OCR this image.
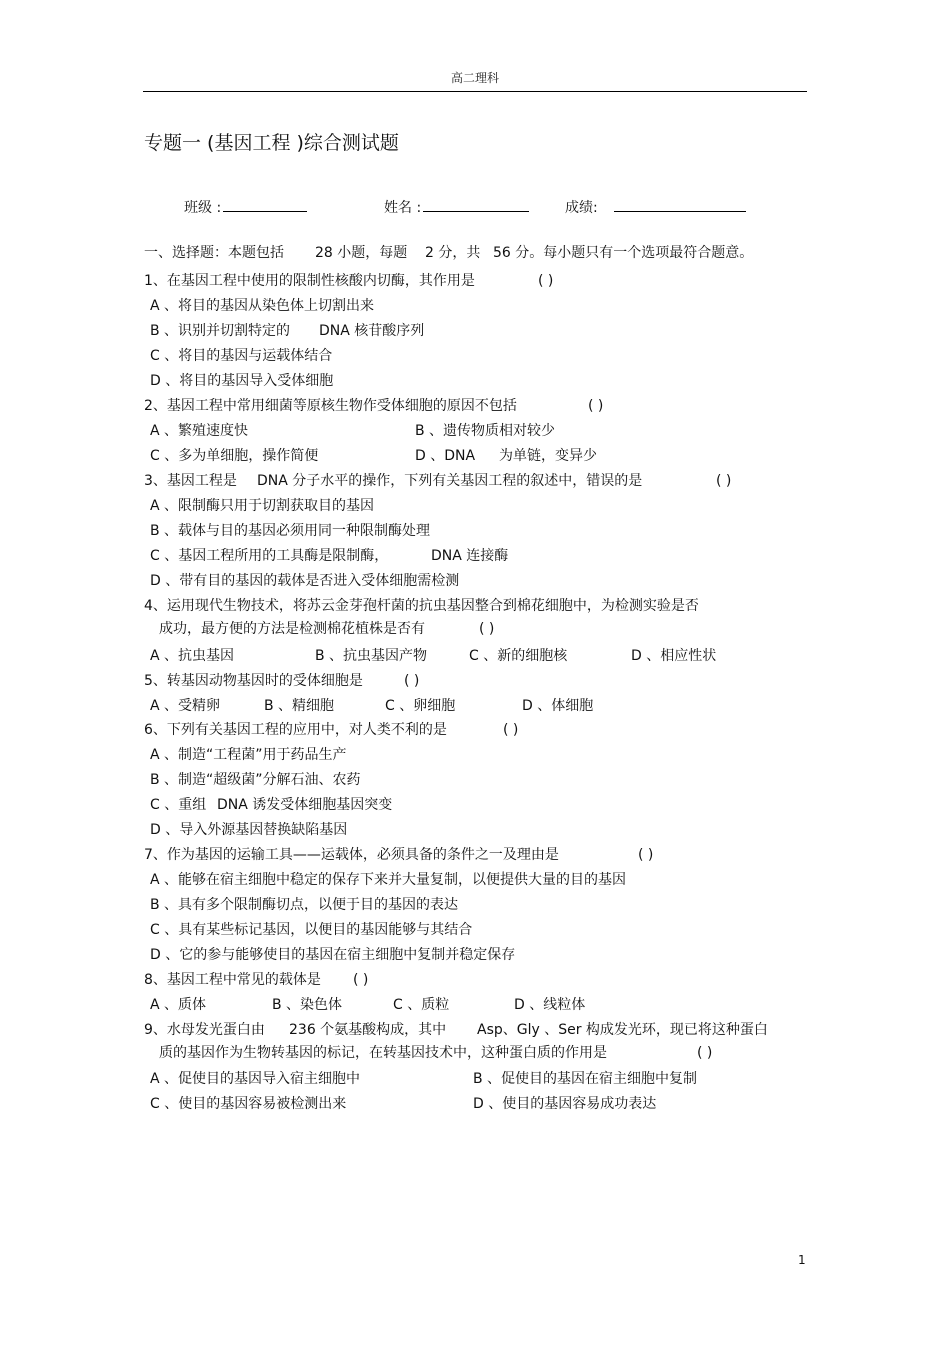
高二理科
专题一 (基因工程 )综合测试题
班级 :	姓名 :	成绩:
一、选择题：本题包括 28 小题，每题 2 分，共 56 分。每小题只有一个选项最符合题意。
1、在基因工程中使用的限制性核酸内切酶，其作用是	( )
A 、将目的基因从染色体上切割出来
B 、识别并切割特定的 DNA 核苷酸序列
C 、将目的基因与运载体结合
D 、将目的基因导入受体细胞
2、基因工程中常用细菌等原核生物作受体细胞的原因不包括	( )
A 、繁殖速度快	B 、遗传物质相对较少
C 、多为单细胞，操作简便	D 、DNA 为单链，变异少
3、基因工程是 DNA 分子水平的操作，下列有关基因工程的叙述中，错误的是	( )
A 、限制酶只用于切割获取目的基因
B 、载体与目的基因必须用同一种限制酶处理
C 、基因工程所用的工具酶是限制酶，	DNA 连接酶
D 、带有目的基因的载体是否进入受体细胞需检测
4、运用现代生物技术，将苏云金芽孢杆菌的抗虫基因整合到棉花细胞中，为检测实验是否
成功，最方便的方法是检测棉花植株是否有	( )
A 、抗虫基因	B 、抗虫基因产物	C 、新的细胞核	D 、相应性状
5、转基因动物基因时的受体细胞是	( )
A 、受精卵	B 、精细胞	C 、卵细胞	D 、体细胞
6、下列有关基因工程的应用中，对人类不利的是	( )
A 、制造“工程菌”用于药品生产
B 、制造“超级菌”分解石油、农药
C 、重组 DNA 诱发受体细胞基因突变
D 、导入外源基因替换缺陷基因
7、作为基因的运输工具——运载体，必须具备的条件之一及理由是	( )
A 、能够在宿主细胞中稳定的保存下来并大量复制，以便提供大量的目的基因
B 、具有多个限制酶切点，以便于目的基因的表达
C 、具有某些标记基因，以便目的基因能够与其结合
D 、它的参与能够使目的基因在宿主细胞中复制并稳定保存
8、基因工程中常见的载体是 ( )
A 、质体	B 、染色体	C 、质粒	D 、线粒体
9、水母发光蛋白由 236 个氨基酸构成，其中 Asp、Gly 、Ser 构成发光环，现已将这种蛋白
质的基因作为生物转基因的标记，在转基因技术中，这种蛋白质的作用是	( )
A 、促使目的基因导入宿主细胞中	B 、促使目的基因在宿主细胞中复制
C 、使目的基因容易被检测出来	D 、使目的基因容易成功表达
1
